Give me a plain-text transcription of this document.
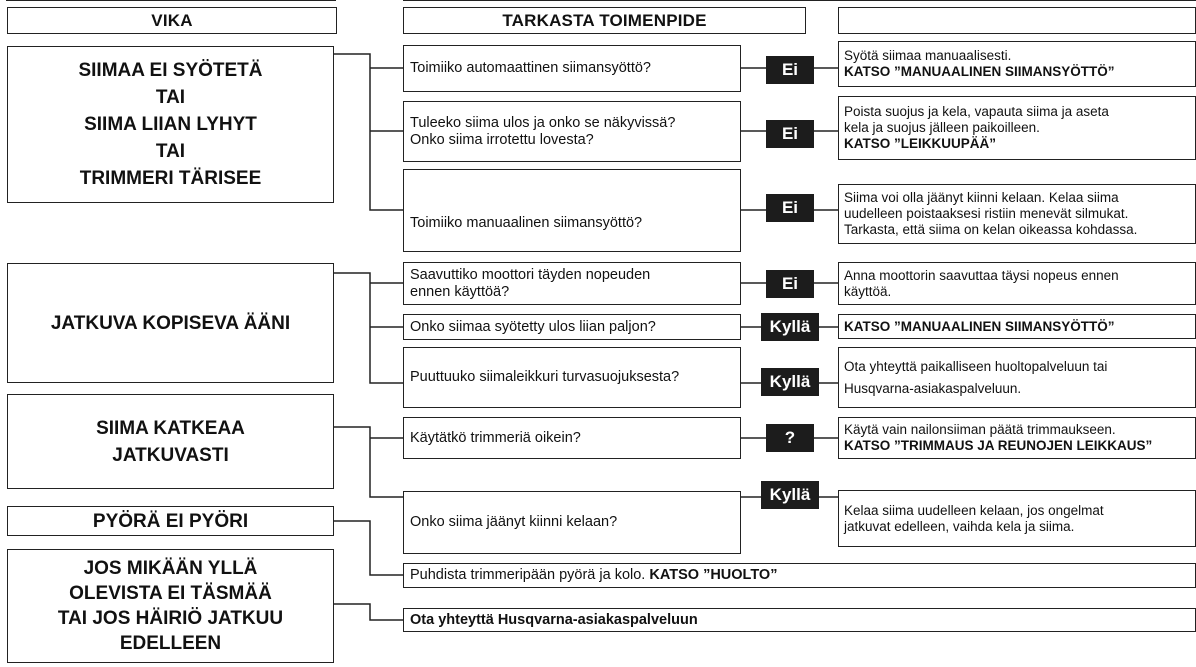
VIKA	TARKASTA TOIMENPIDE
SIIMAA EI SYÖTETÄ
TAI
SIIMA LIIAN LYHYT
TAI
TRIMMERI TÄRISEE
JATKUVA KOPISEVA ÄÄNI
SIIMA KATKEAA
JATKUVASTI
PYÖRÄ EI PYÖRI
JOS MIKÄÄN YLLÄ
OLEVISTA EI TÄSMÄÄ
TAI JOS HÄIRIÖ JATKUU
EDELLEEN
Toimiiko automaattinen siimansyöttö?
Tuleeko siima ulos ja onko se näkyvissä?
Onko siima irrotettu lovesta?
Toimiiko manuaalinen siimansyöttö?
Saavuttiko moottori täyden nopeuden
ennen käyttöä?
Onko siimaa syötetty ulos liian paljon?
Puuttuuko siimaleikkuri turvasuojuksesta?
Käytätkö trimmeriä oikein?
Onko siima jäänyt kiinni kelaan?
Puhdista trimmeripään pyörä ja kolo. KATSO ”HUOLTO”
Ota yhteyttä Husqvarna-asiakaspalveluun
Ei
Ei
Ei
Ei
Kyllä
Kyllä
?
Kyllä
Syötä siimaa manuaalisesti.
KATSO ”MANUAALINEN SIIMANSYÖTTÖ”
Poista suojus ja kela, vapauta siima ja aseta
kela ja suojus jälleen paikoilleen.
KATSO ”LEIKKUUPÄÄ”
Siima voi olla jäänyt kiinni kelaan. Kelaa siima
uudelleen poistaaksesi ristiin menevät silmukat.
Tarkasta, että siima on kelan oikeassa kohdassa.
Anna moottorin saavuttaa täysi nopeus ennen
käyttöä.
KATSO ”MANUAALINEN SIIMANSYÖTTÖ”
Ota yhteyttä paikalliseen huoltopalveluun tai
Husqvarna-asiakaspalveluun.
Käytä vain nailonsiiman päätä trimmaukseen.
KATSO ”TRIMMAUS JA REUNOJEN LEIKKAUS”
Kelaa siima uudelleen kelaan, jos ongelmat
jatkuvat edelleen, vaihda kela ja siima.
